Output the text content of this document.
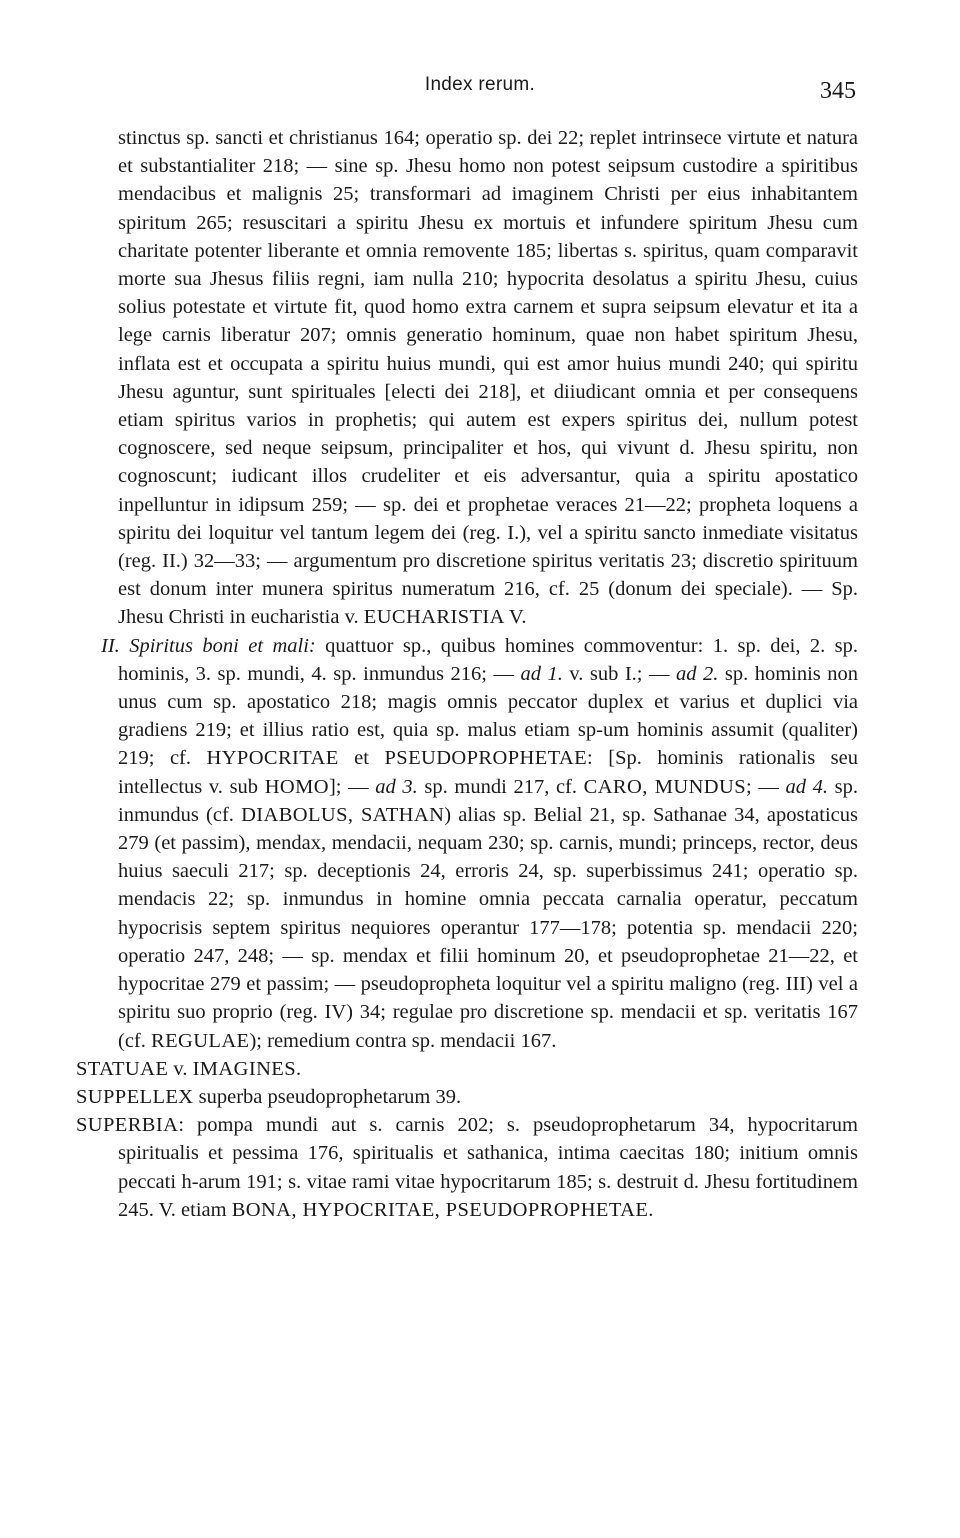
Index rerum.	345

stinctus sp. sancti et christianus 164; operatio sp. dei 22; replet intrinsece virtute et natura et substantialiter 218; — sine sp. Jhesu homo non potest seipsum custodire a spiritibus mendacibus et malignis 25; transformari ad imaginem Christi per eius inhabitantem spiritum 265; resuscitari a spiritu Jhesu ex mortuis et infundere spiritum Jhesu cum charitate potenter liberante et omnia removente 185; libertas s. spiritus, quam comparavit morte sua Jhesus filiis regni, iam nulla 210; hypocrita desolatus a spiritu Jhesu, cuius solius potestate et virtute fit, quod homo extra carnem et supra seipsum elevatur et ita a lege carnis liberatur 207; omnis generatio hominum, quae non habet spiritum Jhesu, inflata est et occupata a spiritu huius mundi, qui est amor huius mundi 240; qui spiritu Jhesu aguntur, sunt spirituales [electi dei 218], et diiudicant omnia et per consequens etiam spiritus varios in prophetis; qui autem est expers spiritus dei, nullum potest cognoscere, sed neque seipsum, principaliter et hos, qui vivunt d. Jhesu spiritu, non cognoscunt; iudicant illos crudeliter et eis adversantur, quia a spiritu apostatico inpelluntur in idipsum 259; — sp. dei et prophetae veraces 21—22; propheta loquens a spiritu dei loquitur vel tantum legem dei (reg. I.), vel a spiritu sancto inmediate visitatus (reg. II.) 32—33; — argumentum pro discretione spiritus veritatis 23; discretio spirituum est donum inter munera spiritus numeratum 216, cf. 25 (donum dei speciale). — Sp. Jhesu Christi in eucharistia v. EUCHARISTIA V.

II. Spiritus boni et mali: quattuor sp., quibus homines commoventur: 1. sp. dei, 2. sp. hominis, 3. sp. mundi, 4. sp. inmundus 216; — ad 1. v. sub I.; — ad 2. sp. hominis non unus cum sp. apostatico 218; magis omnis peccator duplex et varius et duplici via gradiens 219; et illius ratio est, quia sp. malus etiam sp-um hominis assumit (qualiter) 219; cf. HYPOCRITAE et PSEUDOPROPHETAE: [Sp. hominis rationalis seu intellectus v. sub HOMO]; — ad 3. sp. mundi 217, cf. CARO, MUNDUS; — ad 4. sp. inmundus (cf. DIABOLUS, SATHAN) alias sp. Belial 21, sp. Sathanae 34, apostaticus 279 (et passim), mendax, mendacii, nequam 230; sp. carnis, mundi; princeps, rector, deus huius saeculi 217; sp. deceptionis 24, erroris 24, sp. superbissimus 241; operatio sp. mendacis 22; sp. inmundus in homine omnia peccata carnalia operatur, peccatum hypocrisis septem spiritus nequiores operantur 177—178; potentia sp. mendacii 220; operatio 247, 248; — sp. mendax et filii hominum 20, et pseudoprophetae 21—22, et hypocritae 279 et passim; — pseudopropheta loquitur vel a spiritu maligno (reg. III) vel a spiritu suo proprio (reg. IV) 34; regulae pro discretione sp. mendacii et sp. veritatis 167 (cf. REGULAE); remedium contra sp. mendacii 167.

STATUAE v. IMAGINES.

SUPPELLEX superba pseudoprophetarum 39.

SUPERBIA: pompa mundi aut s. carnis 202; s. pseudoprophetarum 34, hypocritarum spiritualis et pessima 176, spiritualis et sathanica, intima caecitas 180; initium omnis peccati h-arum 191; s. vitae rami vitae hypocritarum 185; s. destruit d. Jhesu fortitudinem 245. V. etiam BONA, HYPOCRITAE, PSEUDOPROPHETAE.
